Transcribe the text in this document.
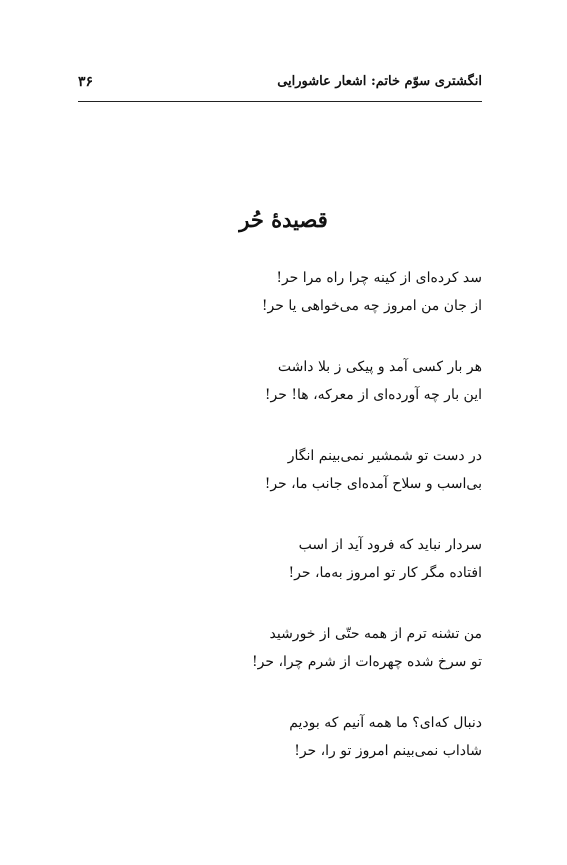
انگشتری سوّم خاتم: اشعار عاشورایی
۳۶
قصیدهٔ حُر
سد کرده‌ای از کینه چرا راه مرا حر!
از جان من امروز چه می‌خواهی یا حر!
هر بار کسی آمد و پیکی ز بلا داشت
این بار چه آورده‌ای از معرکه، ها! حر!
در دست تو شمشیر نمی‌بینم انگار
بی‌اسب و سلاح آمده‌ای جانب ما، حر!
سردار نباید که فرود آید از اسب
افتاده مگر کار تو امروز به‌ما، حر!
من تشنه ترم از همه حتّی از خورشید
تو سرخ شده چهره‌ات از شرم چرا، حر!
دنبال که‌ای؟ ما همه آنیم که بودیم
شاداب نمی‌بینم امروز تو را، حر!
